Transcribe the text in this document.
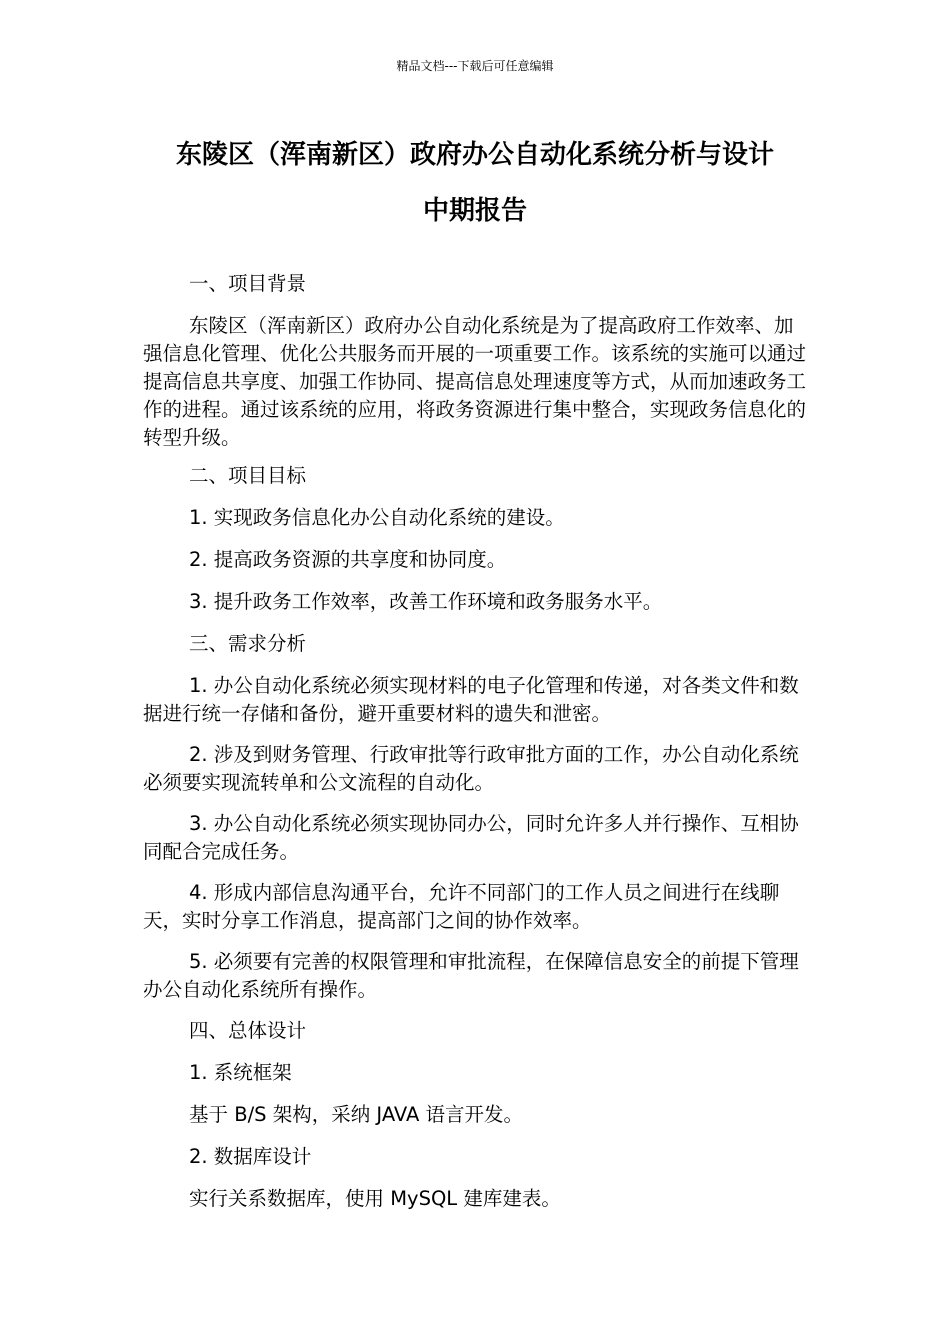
精品文档---下载后可任意编辑
东陵区（浑南新区）政府办公自动化系统分析与设计
中期报告

一、项目背景

东陵区（浑南新区）政府办公自动化系统是为了提高政府工作效率、加强信息化管理、优化公共服务而开展的一项重要工作。该系统的实施可以通过提高信息共享度、加强工作协同、提高信息处理速度等方式，从而加速政务工作的进程。通过该系统的应用，将政务资源进行集中整合，实现政务信息化的转型升级。

二、项目目标

1. 实现政务信息化办公自动化系统的建设。

2. 提高政务资源的共享度和协同度。

3. 提升政务工作效率，改善工作环境和政务服务水平。

三、需求分析

1. 办公自动化系统必须实现材料的电子化管理和传递，对各类文件和数据进行统一存储和备份，避开重要材料的遗失和泄密。

2. 涉及到财务管理、行政审批等行政审批方面的工作，办公自动化系统必须要实现流转单和公文流程的自动化。

3. 办公自动化系统必须实现协同办公，同时允许多人并行操作、互相协同配合完成任务。

4. 形成内部信息沟通平台，允许不同部门的工作人员之间进行在线聊天，实时分享工作消息，提高部门之间的协作效率。

5. 必须要有完善的权限管理和审批流程，在保障信息安全的前提下管理办公自动化系统所有操作。

四、总体设计

1. 系统框架

基于 B/S 架构，采纳 JAVA 语言开发。

2. 数据库设计

实行关系数据库，使用 MySQL 建库建表。
